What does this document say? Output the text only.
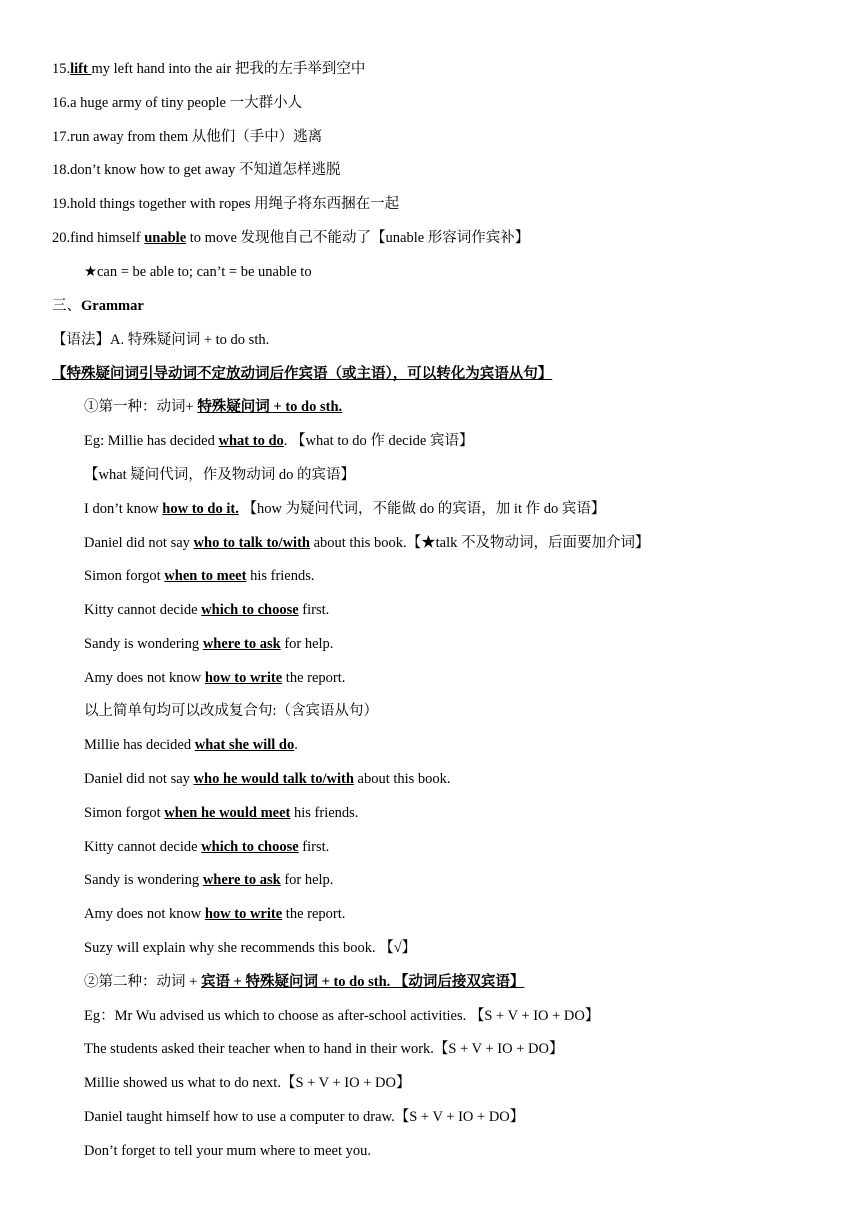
15.lift my left hand into the air 把我的左手举到空中
16.a huge army of tiny people 一大群小人
17.run away from them 从他们（手中）逃离
18.don’t know how to get away 不知道怎样逃脱
19.hold things together with ropes 用绳子将东西捆在一起
20.find himself unable to move 发现他自己不能动了【unable 形容词作宾补】
★can = be able to; can’t = be unable to
三、Grammar
【语法】A. 特殊疑问词 + to do sth.
【特殊疑问词引导动词不定放动词后作宾语（或主语），可以转化为宾语从句】
①第一种：动词+ 特殊疑问词 + to do sth.
Eg: Millie has decided what to do. 【what to do 作 decide 宾语】
【what 疑问代词，作及物动词 do 的宾语】
I don’t know how to do it. 【how 为疑问代词，不能做 do 的宾语，加 it 作 do 宾语】
Daniel did not say who to talk to/with about this book.【★talk 不及物动词，后面要加介词】
Simon forgot when to meet his friends.
Kitty cannot decide which to choose first.
Sandy is wondering where to ask for help.
Amy does not know how to write the report.
以上简单句均可以改成复合句:（含宾语从句）
Millie has decided what she will do.
Daniel did not say who he would talk to/with about this book.
Simon forgot when he would meet his friends.
Kitty cannot decide which to choose first.
Sandy is wondering where to ask for help.
Amy does not know how to write the report.
Suzy will explain why she recommends this book. 【√】
②第二种：动词 + 宾语 + 特殊疑问词 + to do sth. 【动词后接双宾语】
Eg：Mr Wu advised us which to choose as after-school activities. 【S + V + IO + DO】
The students asked their teacher when to hand in their work.【S + V + IO + DO】
Millie showed us what to do next.【S + V + IO + DO】
Daniel taught himself how to use a computer to draw.【S + V + IO + DO】
Don’t forget to tell your mum where to meet you.
